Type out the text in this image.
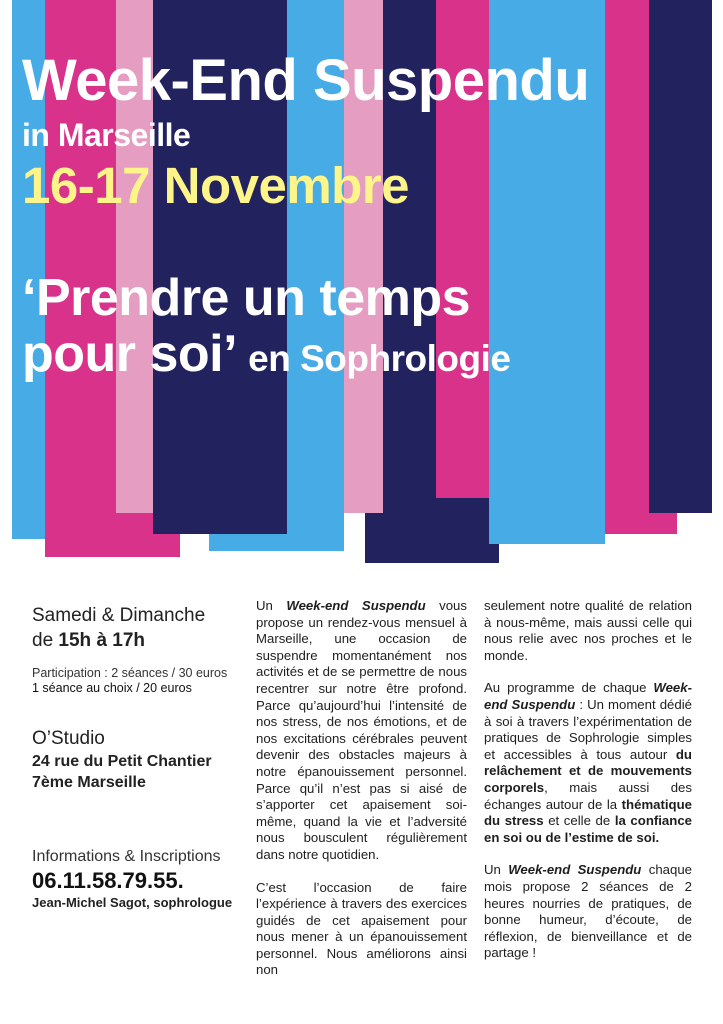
Week-End Suspendu
in Marseille
16-17 Novembre
‘Prendre un temps
pour soi’ en Sophrologie
Samedi & Dimanche
de 15h à 17h
Participation : 2 séances / 30 euros
1 séance au choix / 20 euros
O’Studio
24 rue du Petit Chantier
7ème Marseille
Informations & Inscriptions
06.11.58.79.55.
Jean-Michel Sagot, sophrologue

Un Week-end Suspendu vous propose un rendez-vous mensuel à Marseille, une occasion de suspendre momentanément nos activités et de se permettre de nous recentrer sur notre être profond. Parce qu’aujourd’hui l’intensité de nos stress, de nos émotions, et de nos excitations cérébrales peuvent devenir des obstacles majeurs à notre épanouissement personnel. Parce qu’il n’est pas si aisé de s’apporter cet apaisement soi-même, quand la vie et l’adversité nous bousculent régulièrement dans notre quotidien.

C’est l’occasion de faire l’expérience à travers des exercices guidés de cet apaisement pour nous mener à un épanouissement personnel. Nous améliorons ainsi non

seulement notre qualité de relation à nous-même, mais aussi celle qui nous relie avec nos proches et le monde.

Au programme de chaque Week-end Suspendu : Un moment dédié à soi à travers l’expérimentation de pratiques de Sophrologie simples et accessibles à tous autour du relâchement et de mouvements corporels, mais aussi des échanges autour de la thématique du stress et celle de la confiance en soi ou de l’estime de soi.

Un Week-end Suspendu chaque mois propose 2 séances de 2 heures nourries de pratiques, de bonne humeur, d’écoute, de réflexion, de bienveillance et de partage !
